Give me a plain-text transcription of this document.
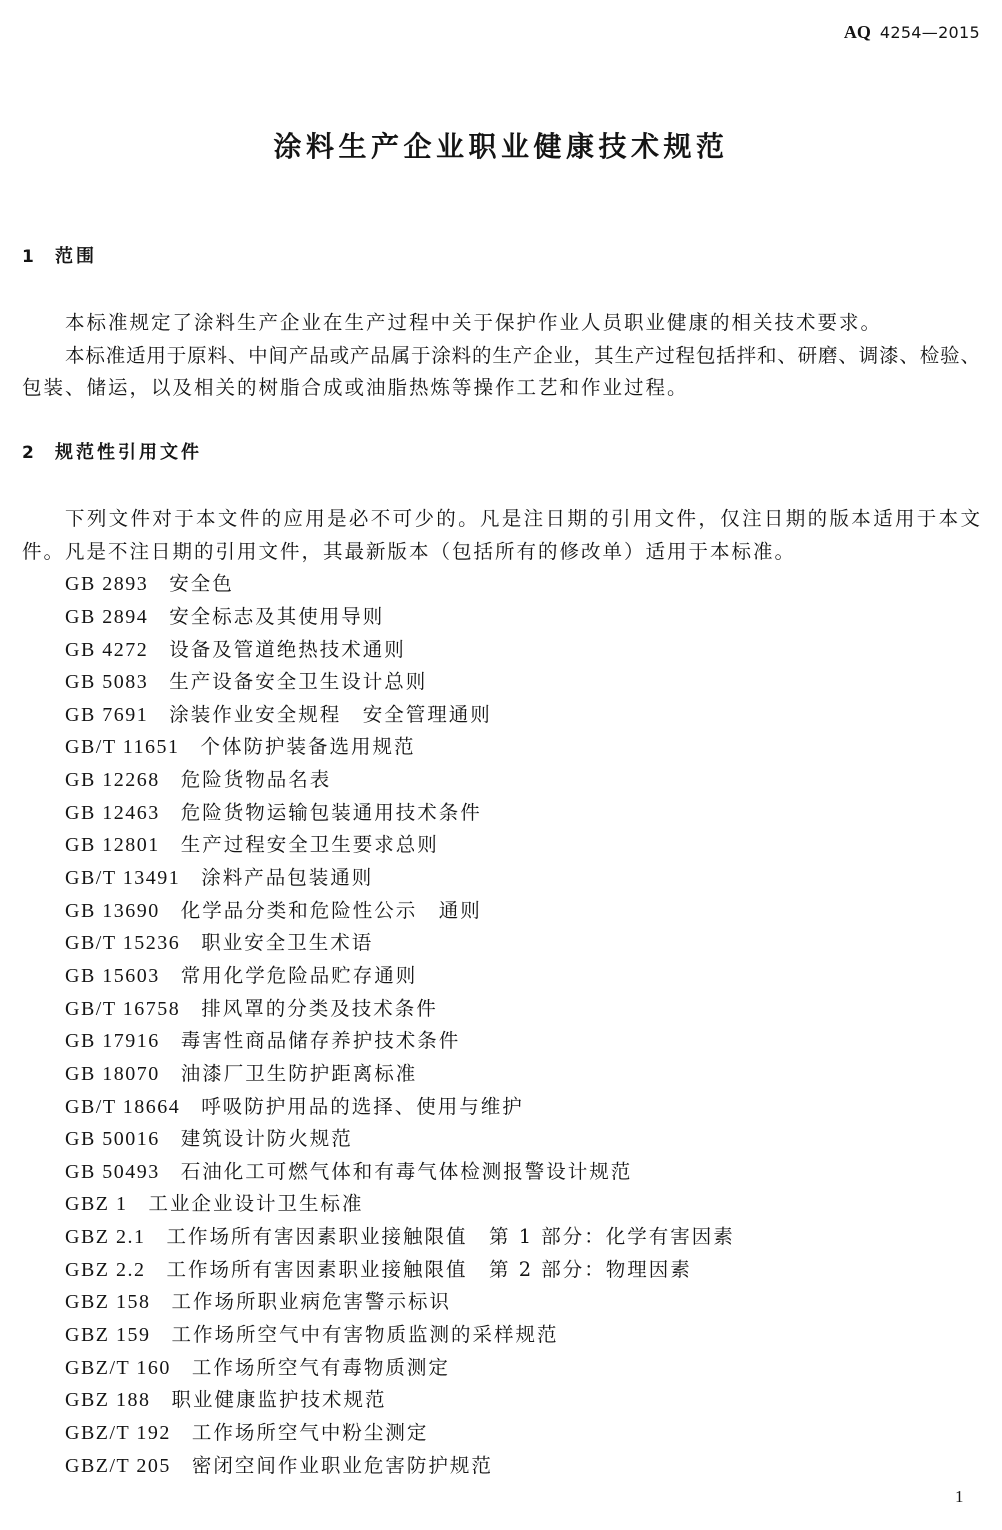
AQ 4254—2015
涂料生产企业职业健康技术规范
1 范围
本标准规定了涂料生产企业在生产过程中关于保护作业人员职业健康的相关技术要求。
本标准适用于原料、中间产品或产品属于涂料的生产企业，其生产过程包括拌和、研磨、调漆、检验、
包装、储运，以及相关的树脂合成或油脂热炼等操作工艺和作业过程。
2 规范性引用文件
下列文件对于本文件的应用是必不可少的。凡是注日期的引用文件，仅注日期的版本适用于本文
件。凡是不注日期的引用文件，其最新版本（包括所有的修改单）适用于本标准。
GB 2893 安全色
GB 2894 安全标志及其使用导则
GB 4272 设备及管道绝热技术通则
GB 5083 生产设备安全卫生设计总则
GB 7691 涂装作业安全规程　安全管理通则
GB/T 11651 个体防护装备选用规范
GB 12268 危险货物品名表
GB 12463 危险货物运输包装通用技术条件
GB 12801 生产过程安全卫生要求总则
GB/T 13491 涂料产品包装通则
GB 13690 化学品分类和危险性公示　通则
GB/T 15236 职业安全卫生术语
GB 15603 常用化学危险品贮存通则
GB/T 16758 排风罩的分类及技术条件
GB 17916 毒害性商品储存养护技术条件
GB 18070 油漆厂卫生防护距离标准
GB/T 18664 呼吸防护用品的选择、使用与维护
GB 50016 建筑设计防火规范
GB 50493 石油化工可燃气体和有毒气体检测报警设计规范
GBZ 1 工业企业设计卫生标准
GBZ 2.1 工作场所有害因素职业接触限值　第 1 部分：化学有害因素
GBZ 2.2 工作场所有害因素职业接触限值　第 2 部分：物理因素
GBZ 158 工作场所职业病危害警示标识
GBZ 159 工作场所空气中有害物质监测的采样规范
GBZ/T 160 工作场所空气有毒物质测定
GBZ 188 职业健康监护技术规范
GBZ/T 192 工作场所空气中粉尘测定
GBZ/T 205 密闭空间作业职业危害防护规范
1
